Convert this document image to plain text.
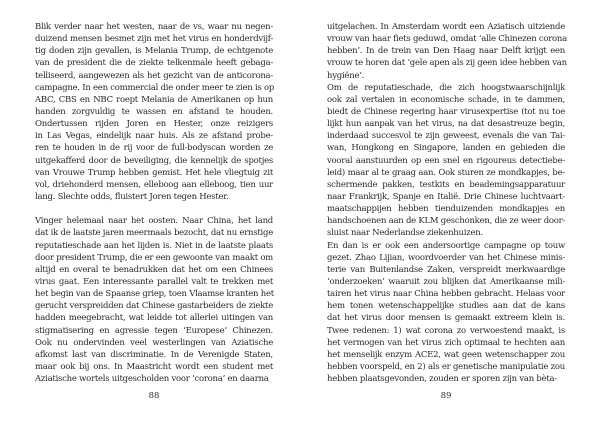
Blik verder naar het westen, naar de vs, waar nu negen-
duizend mensen besmet zijn met het virus en honderdvijf-
tig doden zijn gevallen, is Melania Trump, de echtgenote
van de president die de ziekte telkenmale heeft gebaga-
telliseerd, aangewezen als het gezicht van de anticorona-
campagne. In een commercial die onder meer te zien is op
ABC, CBS en NBC roept Melania de Amerikanen op hun
handen zorgvuldig te wassen en afstand te houden.
Ondertussen rijden Joren en Hester, onze reizigers
in Las Vegas, eindelijk naar huis. Als ze afstand probe-
ren te houden in de rij voor de full-bodyscan worden ze
uitgekafferd door de beveiliging, die kennelijk de spotjes
van Vrouwe Trump hebben gemist. Het hele vliegtuig zit
vol, driehonderd mensen, elleboog aan elleboog, tien uur
lang. Slechte odds, fluistert Joren tegen Hester.
Vinger helemaal naar het oosten. Naar China, het land
dat ik de laatste jaren meermaals bezocht, dat nu ernstige
reputatieschade aan het lijden is. Niet in de laatste plaats
door president Trump, die er een gewoonte van maakt om
altijd en overal te benadrukken dat het om een Chinees
virus gaat. Een interessante parallel valt te trekken met
het begin van de Spaanse griep, toen Vlaamse kranten het
gerucht verspreidden dat Chinese gastarbeiders de ziekte
hadden meegebracht, wat leidde tot allerlei uitingen van
stigmatisering en agressie tegen ‘Europese’ Chinezen.
Ook nu ondervinden veel westerlingen van Aziatische
afkomst last van discriminatie. In de Verenigde Staten,
maar ook bij ons. In Maastricht wordt een student met
Aziatische wortels uitgescholden voor ‘corona’ en daarna
88
uitgelachen. In Amsterdam wordt een Aziatisch uitziende
vrouw van haar fiets geduwd, omdat ‘alle Chinezen corona
hebben’. In de trein van Den Haag naar Delft krijgt een
vrouw te horen dat ‘gele apen als zij geen idee hebben van
hygiëne’.
Om de reputatieschade, die zich hoogstwaarschijnlijk
ook zal vertalen in economische schade, in te dammen,
biedt de Chinese regering haar virusexpertise (tot nu toe
lijkt hun aanpak van het virus, na dat desastreuze begin,
inderdaad succesvol te zijn geweest, evenals die van Tai-
wan, Hongkong en Singapore, landen en gebieden die
vooral aanstuurden op een snel en rigoureus detectiebe-
leid) maar al te graag aan. Ook sturen ze mondkapjes, be-
schermende pakken, testkits en beademingsapparatuur
naar Frankrijk, Spanje en Italië. Drie Chinese luchtvaart-
maatschappijen hebben tienduizenden mondkapjes en
handschoenen aan de KLM geschonken, die ze weer door-
sluist naar Nederlandse ziekenhuizen.
En dan is er ook een andersoortige campagne op touw
gezet. Zhao Lijian, woordvoerder van het Chinese minis-
terie van Buitenlandse Zaken, verspreidt merkwaardige
‘onderzoeken’ waaruit zou blijken dat Amerikaanse mili-
tairen het virus naar China hebben gebracht. Helaas voor
hem tonen wetenschappelijke studies aan dat de kans
dat het virus door mensen is gemaakt extreem klein is.
Twee redenen: 1) wat corona zo verwoestend maakt, is
het vermogen van het virus zich optimaal te hechten aan
het menselijk enzym ACE2, wat geen wetenschapper zou
hebben voorspeld, en 2) als er genetische manipulatie zou
hebben plaatsgevonden, zouden er sporen zijn van bèta-
89
